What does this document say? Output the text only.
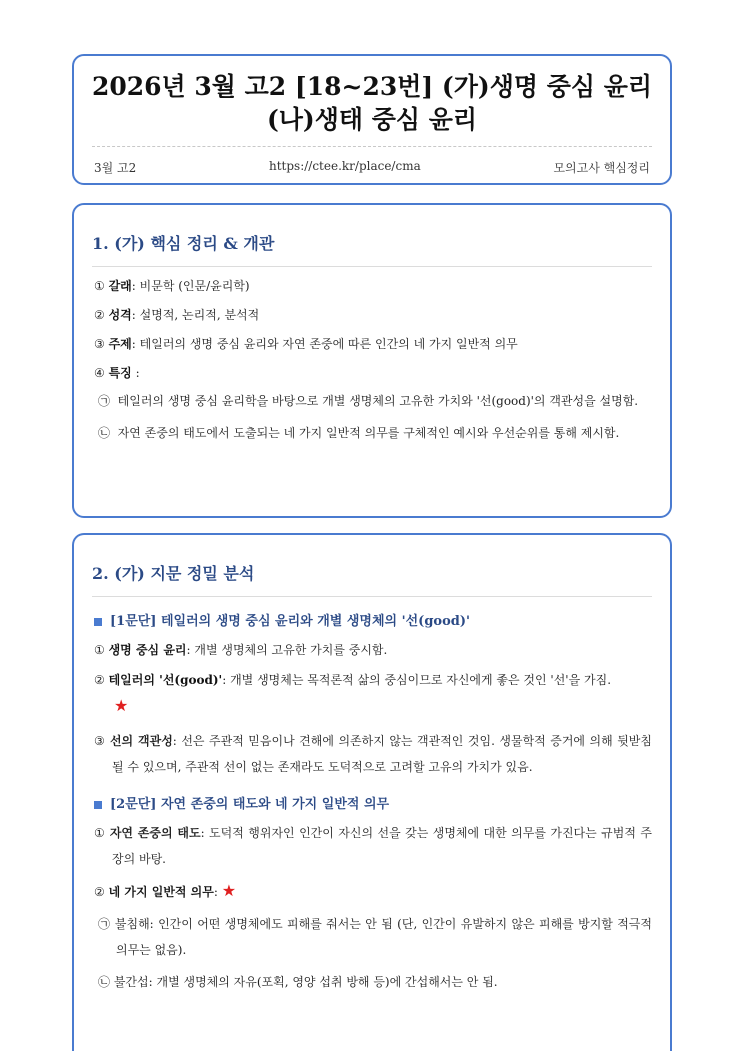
2026년 3월 고2 [18~23번] (가)생명 중심 윤리
(나)생태 중심 윤리
3월 고2	https://ctee.kr/place/cma	모의고사 핵심정리
1. (가) 핵심 정리 & 개관
① 갈래: 비문학 (인문/윤리학)
② 성격: 설명적, 논리적, 분석적
③ 주제: 테일러의 생명 중심 윤리와 자연 존중에 따른 인간의 네 가지 일반적 의무
④ 특징 :
㉠ 테일러의 생명 중심 윤리학을 바탕으로 개별 생명체의 고유한 가치와 '선(good)'의 객관성을 설명함.
㉡ 자연 존중의 태도에서 도출되는 네 가지 일반적 의무를 구체적인 예시와 우선순위를 통해 제시함.
2. (가) 지문 정밀 분석
[1문단] 테일러의 생명 중심 윤리와 개별 생명체의 '선(good)'
① 생명 중심 윤리: 개별 생명체의 고유한 가치를 중시함.
② 테일러의 '선(good)': 개별 생명체는 목적론적 삶의 중심이므로 자신에게 좋은 것인 '선'을 가짐.
★
③ 선의 객관성: 선은 주관적 믿음이나 견해에 의존하지 않는 객관적인 것임. 생물학적 증거에 의해 뒷받침될 수 있으며, 주관적 선이 없는 존재라도 도덕적으로 고려할 고유의 가치가 있음.
[2문단] 자연 존중의 태도와 네 가지 일반적 의무
① 자연 존중의 태도: 도덕적 행위자인 인간이 자신의 선을 갖는 생명체에 대한 의무를 가진다는 규범적 주장의 바탕.
② 네 가지 일반적 의무: ★
㉠ 불침해: 인간이 어떤 생명체에도 피해를 줘서는 안 됨 (단, 인간이 유발하지 않은 피해를 방지할 적극적 의무는 없음).
㉡ 불간섭: 개별 생명체의 자유(포획, 영양 섭취 방해 등)에 간섭해서는 안 됨.
